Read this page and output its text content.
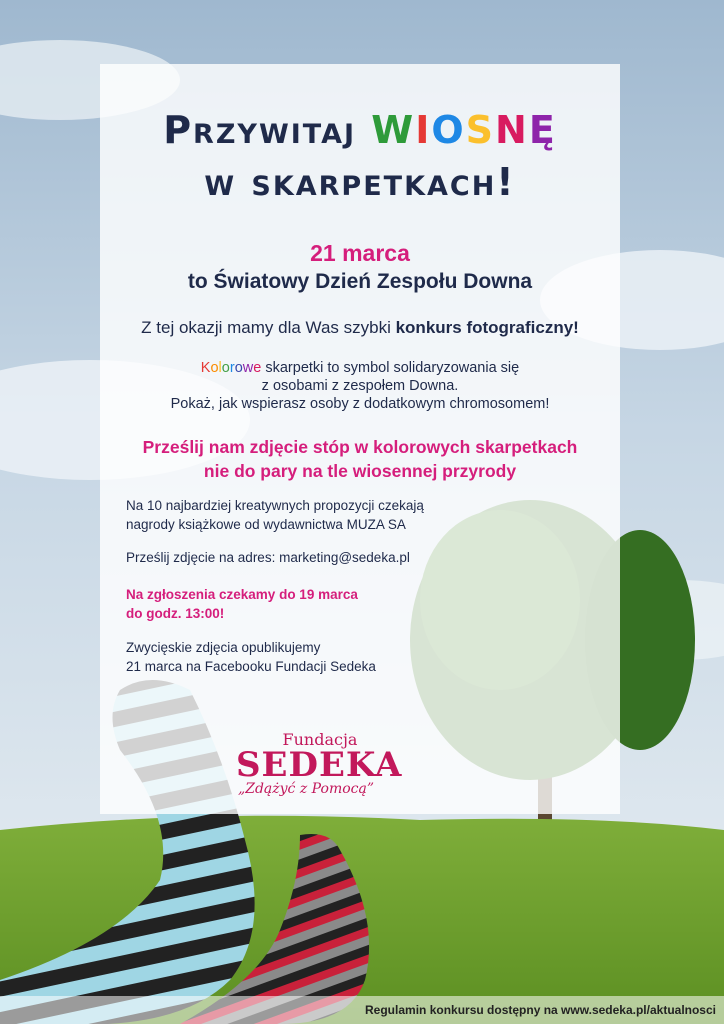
Przywitaj WIOSNĘ
w skarpetkach!
21 marca
to Światowy Dzień Zespołu Downa
Z tej okazji mamy dla Was szybki konkurs fotograficzny!
Kolorowe skarpetki to symbol solidaryzowania się
z osobami z zespołem Downa.
Pokaż, jak wspierasz osoby z dodatkowym chromosomem!
Prześlij nam zdjęcie stóp w kolorowych skarpetkach
nie do pary na tle wiosennej przyrody
Na 10 najbardziej kreatywnych propozycji czekają
nagrody książkowe od wydawnictwa MUZA SA
Prześlij zdjęcie na adres: marketing@sedeka.pl
Na zgłoszenia czekamy do 19 marca
do godz. 13:00!
Zwycięskie zdjęcia opublikujemy
21 marca na Facebooku Fundacji Sedeka
Fundacja
SEDEKA
„Zdążyć z Pomocą”
Regulamin konkursu dostępny na www.sedeka.pl/aktualnosci
